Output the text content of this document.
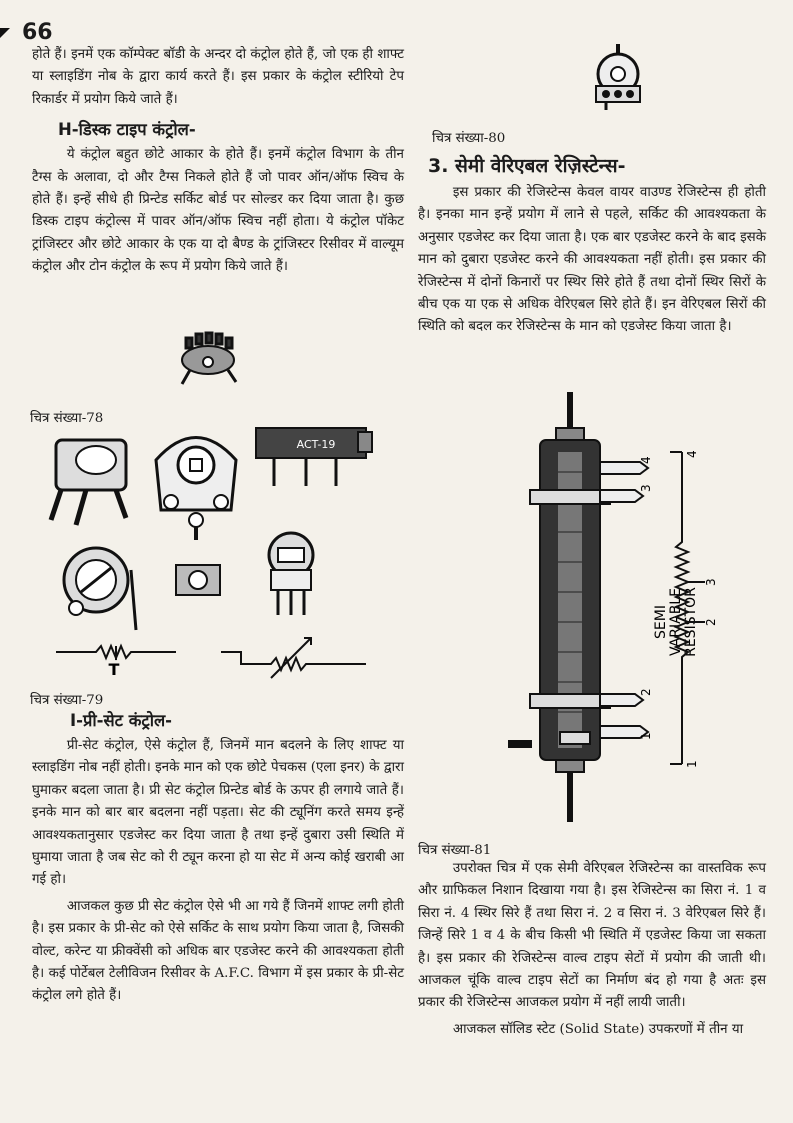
66

होते हैं। इनमें एक कॉम्पेक्ट बॉडी के अन्दर दो कंट्रोल होते हैं, जो एक ही शाफ्ट या स्लाइडिंग नोब के द्वारा कार्य करते हैं। इस प्रकार के कंट्रोल स्टीरियो टेप रिकार्डर में प्रयोग किये जाते हैं।

H-डिस्क टाइप कंट्रोल-

ये कंट्रोल बहुत छोटे आकार के होते हैं। इनमें कंट्रोल विभाग के तीन टैग्स के अलावा, दो और टैग्स निकले होते हैं जो पावर ऑन/ऑफ स्विच के होते हैं। इन्हें सीधे ही प्रिन्टेड सर्किट बोर्ड पर सोल्डर कर दिया जाता है। कुछ डिस्क टाइप कंट्रोल्स में पावर ऑन/ऑफ स्विच नहीं होता। ये कंट्रोल पॉकेट ट्रांजिस्टर और छोटे आकार के एक या दो बैण्ड के ट्रांजिस्टर रिसीवर में वाल्यूम कंट्रोल और टोन कंट्रोल के रूप में प्रयोग किये जाते हैं।

चित्र संख्या-78
ACT-19
T
चित्र संख्या-79
I-प्री-सेट कंट्रोल-

प्री-सेट कंट्रोल, ऐसे कंट्रोल हैं, जिनमें मान बदलने के लिए शाफ्ट या स्लाइडिंग नोब नहीं होती। इनके मान को एक छोटे पेचकस (एला इनर) के द्वारा घुमाकर बदला जाता है। प्री सेट कंट्रोल प्रिन्टेड बोर्ड के ऊपर ही लगाये जाते हैं। इनके मान को बार बार बदलना नहीं पड़ता। सेट की ट्यूनिंग करते समय इन्हें आवश्यकतानुसार एडजेस्ट कर दिया जाता है तथा इन्हें दुबारा उसी स्थिति में घुमाया जाता है जब सेट को री ट्यून करना हो या सेट में अन्य कोई खराबी आ गई हो।

आजकल कुछ प्री सेट कंट्रोल ऐसे भी आ गये हैं जिनमें शाफ्ट लगी होती है। इस प्रकार के प्री-सेट को ऐसे सर्किट के साथ प्रयोग किया जाता है, जिसकी वोल्ट, करेन्ट या फ्रीक्वेंसी को अधिक बार एडजेस्ट करने की आवश्यकता होती है। कई पोर्टेबल टेलीविजन रिसीवर के A.F.C. विभाग में इस प्रकार के प्री-सेट कंट्रोल लगे होते हैं।

चित्र संख्या-80
3. सेमी वेरिएबल रेज़िस्टेन्स-

इस प्रकार की रेजिस्टेन्स केवल वायर वाउण्ड रेजिस्टेन्स ही होती है। इनका मान इन्हें प्रयोग में लाने से पहले, सर्किट की आवश्यकता के अनुसार एडजेस्ट कर दिया जाता है। एक बार एडजेस्ट करने के बाद इसके मान को दुबारा एडजेस्ट करने की आवश्यकता नहीं होती। इस प्रकार की रेजिस्टेन्स में दोनों किनारों पर स्थिर सिरे होते हैं तथा दोनों स्थिर सिरों के बीच एक या एक से अधिक वेरिएबल सिरे होते हैं। इन वेरिएबल सिरों की स्थिति को बदल कर रेजिस्टेन्स के मान को एडजेस्ट किया जाता है।

4
3
2
1
SEMI VARIABLE RESISTOR
4
3
2
1
चित्र संख्या-81

उपरोक्त चित्र में एक सेमी वेरिएबल रेजिस्टेन्स का वास्तविक रूप और ग्राफिकल निशान दिखाया गया है। इस रेजिस्टेन्स का सिरा नं. 1 व सिरा नं. 4 स्थिर सिरे हैं तथा सिरा नं. 2 व सिरा नं. 3 वेरिएबल सिरे हैं। जिन्हें सिरे 1 व 4 के बीच किसी भी स्थिति में एडजेस्ट किया जा सकता है। इस प्रकार की रेजिस्टेन्स वाल्व टाइप सेटों में प्रयोग की जाती थी। आजकल चूंकि वाल्व टाइप सेटों का निर्माण बंद हो गया है अतः इस प्रकार की रेजिस्टेन्स आजकल प्रयोग में नहीं लायी जाती।

आजकल सॉलिड स्टेट (Solid State) उपकरणों में तीन या
